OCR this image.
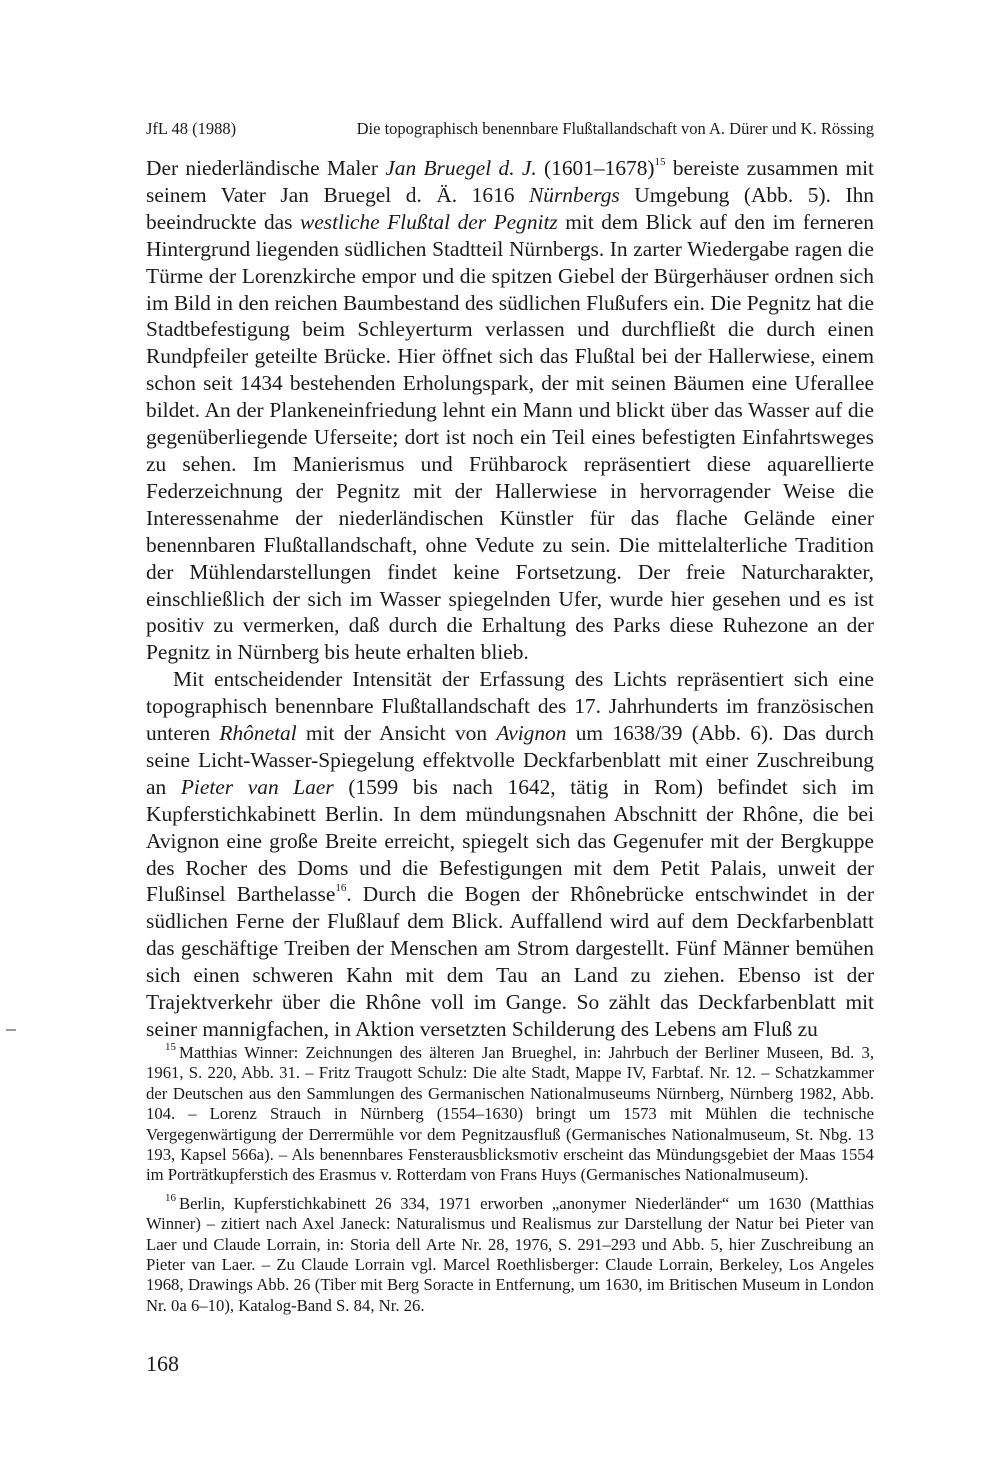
JfL 48 (1988)	Die topographisch benennbare Flußtallandschaft von A. Dürer und K. Rössing

Der niederländische Maler Jan Bruegel d. J. (1601–1678)$^{15}$ bereiste zusammen mit seinem Vater Jan Bruegel d. Ä. 1616 Nürnbergs Umgebung (Abb. 5). Ihn beeindruckte das westliche Flußtal der Pegnitz mit dem Blick auf den im ferneren Hintergrund liegenden südlichen Stadtteil Nürnbergs. In zarter Wiedergabe ragen die Türme der Lorenzkirche empor und die spitzen Giebel der Bürgerhäuser ordnen sich im Bild in den reichen Baumbestand des südlichen Flußufers ein. Die Pegnitz hat die Stadtbefestigung beim Schleyerturm verlassen und durchfließt die durch einen Rundpfeiler geteilte Brücke. Hier öffnet sich das Flußtal bei der Hallerwiese, einem schon seit 1434 bestehenden Erholungspark, der mit seinen Bäumen eine Uferallee bildet. An der Plankeneinfriedung lehnt ein Mann und blickt über das Wasser auf die gegenüberliegende Uferseite; dort ist noch ein Teil eines befestigten Einfahrtsweges zu sehen. Im Manierismus und Frühbarock repräsentiert diese aquarellierte Federzeichnung der Pegnitz mit der Hallerwiese in hervorragender Weise die Interessenahme der niederländischen Künstler für das flache Gelände einer benennbaren Flußtallandschaft, ohne Vedute zu sein. Die mittelalterliche Tradition der Mühlendarstellungen findet keine Fortsetzung. Der freie Naturcharakter, einschließlich der sich im Wasser spiegelnden Ufer, wurde hier gesehen und es ist positiv zu vermerken, daß durch die Erhaltung des Parks diese Ruhezone an der Pegnitz in Nürnberg bis heute erhalten blieb.

Mit entscheidender Intensität der Erfassung des Lichts repräsentiert sich eine topographisch benennbare Flußtallandschaft des 17. Jahrhunderts im französischen unteren Rhônetal mit der Ansicht von Avignon um 1638/39 (Abb. 6). Das durch seine Licht-Wasser-Spiegelung effektvolle Deckfarbenblatt mit einer Zuschreibung an Pieter van Laer (1599 bis nach 1642, tätig in Rom) befindet sich im Kupferstichkabinett Berlin. In dem mündungsnahen Abschnitt der Rhône, die bei Avignon eine große Breite erreicht, spiegelt sich das Gegenufer mit der Bergkuppe des Rocher des Doms und die Befestigungen mit dem Petit Palais, unweit der Flußinsel Barthelasse$^{16}$. Durch die Bogen der Rhônebrücke entschwindet in der südlichen Ferne der Flußlauf dem Blick. Auffallend wird auf dem Deckfarbenblatt das geschäftige Treiben der Menschen am Strom dargestellt. Fünf Männer bemühen sich einen schweren Kahn mit dem Tau an Land zu ziehen. Ebenso ist der Trajektverkehr über die Rhône voll im Gange. So zählt das Deckfarbenblatt mit seiner mannigfachen, in Aktion versetzten Schilderung des Lebens am Fluß zu

$^{15}$ Matthias Winner: Zeichnungen des älteren Jan Brueghel, in: Jahrbuch der Berliner Museen, Bd. 3, 1961, S. 220, Abb. 31. – Fritz Traugott Schulz: Die alte Stadt, Mappe IV, Farbtaf. Nr. 12. – Schatzkammer der Deutschen aus den Sammlungen des Germanischen Nationalmuseums Nürnberg, Nürnberg 1982, Abb. 104. – Lorenz Strauch in Nürnberg (1554–1630) bringt um 1573 mit Mühlen die technische Vergegenwärtigung der Derrermühle vor dem Pegnitzausfluß (Germanisches Nationalmuseum, St. Nbg. 13 193, Kapsel 566a). – Als benennbares Fensterausblicksmotiv erscheint das Mündungsgebiet der Maas 1554 im Porträtkupferstich des Erasmus v. Rotterdam von Frans Huys (Germanisches Nationalmuseum).

$^{16}$ Berlin, Kupferstichkabinett 26 334, 1971 erworben „anonymer Niederländer“ um 1630 (Matthias Winner) – zitiert nach Axel Janeck: Naturalismus und Realismus zur Darstellung der Natur bei Pieter van Laer und Claude Lorrain, in: Storia dell Arte Nr. 28, 1976, S. 291–293 und Abb. 5, hier Zuschreibung an Pieter van Laer. – Zu Claude Lorrain vgl. Marcel Roethlisberger: Claude Lorrain, Berkeley, Los Angeles 1968, Drawings Abb. 26 (Tiber mit Berg Soracte in Entfernung, um 1630, im Britischen Museum in London Nr. 0a 6–10), Katalog-Band S. 84, Nr. 26.

168
